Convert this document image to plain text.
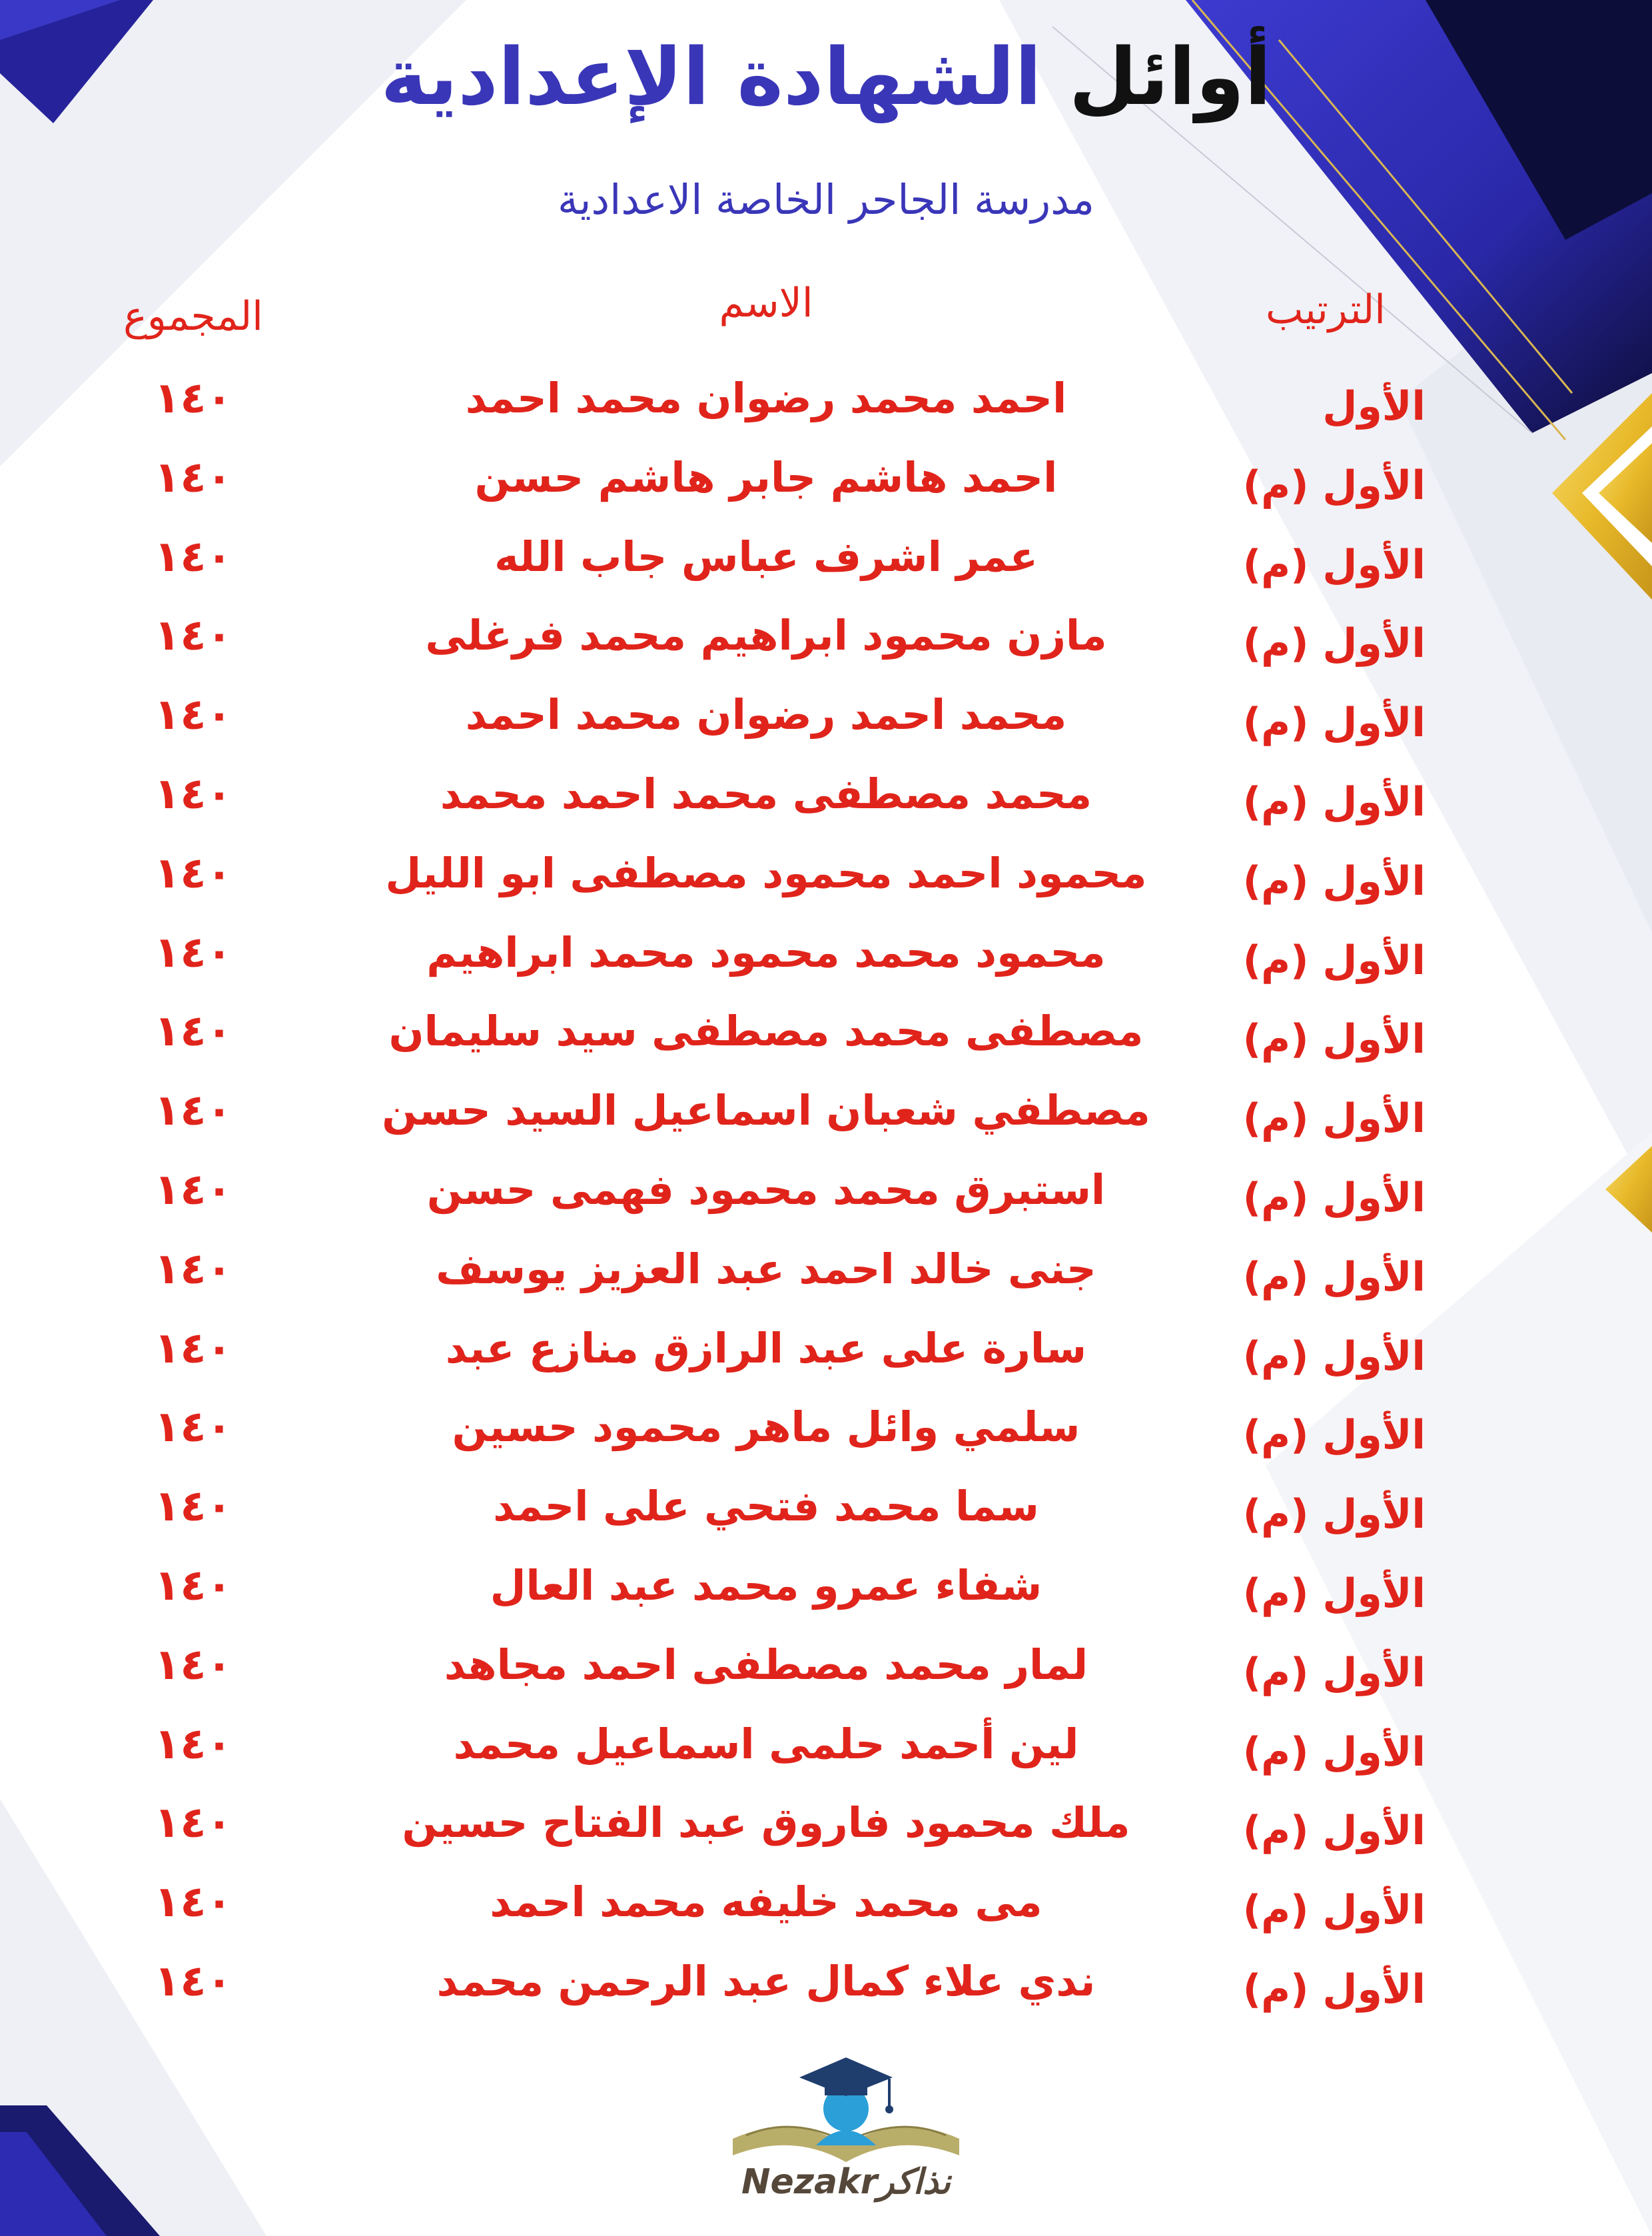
أوائل الشهادة الإعدادية
مدرسة الجاحر الخاصة الاعدادية
الترتيب
الاسم
المجموع
الأول
احمد محمد رضوان محمد احمد
١٤٠
الأول (م)
احمد هاشم جابر هاشم حسن
١٤٠
الأول (م)
عمر اشرف عباس جاب الله
١٤٠
الأول (م)
مازن محمود ابراهيم محمد فرغلى
١٤٠
الأول (م)
محمد احمد رضوان محمد احمد
١٤٠
الأول (م)
محمد مصطفى محمد احمد محمد
١٤٠
الأول (م)
محمود احمد محمود مصطفى ابو الليل
١٤٠
الأول (م)
محمود محمد محمود محمد ابراهيم
١٤٠
الأول (م)
مصطفى محمد مصطفى سيد سليمان
١٤٠
الأول (م)
مصطفي شعبان اسماعيل السيد حسن
١٤٠
الأول (م)
استبرق محمد محمود فهمى حسن
١٤٠
الأول (م)
جنى خالد احمد عبد العزيز يوسف
١٤٠
الأول (م)
سارة على عبد الرازق منازع عبد
١٤٠
الأول (م)
سلمي وائل ماهر محمود حسين
١٤٠
الأول (م)
سما محمد فتحي على احمد
١٤٠
الأول (م)
شفاء عمرو محمد عبد العال
١٤٠
الأول (م)
لمار محمد مصطفى احمد مجاهد
١٤٠
الأول (م)
لين أحمد حلمى اسماعيل محمد
١٤٠
الأول (م)
ملك محمود فاروق عبد الفتاح حسين
١٤٠
الأول (م)
مى محمد خليفه محمد احمد
١٤٠
الأول (م)
ندي علاء كمال عبد الرحمن محمد
١٤٠
Nezakrنذاكر
